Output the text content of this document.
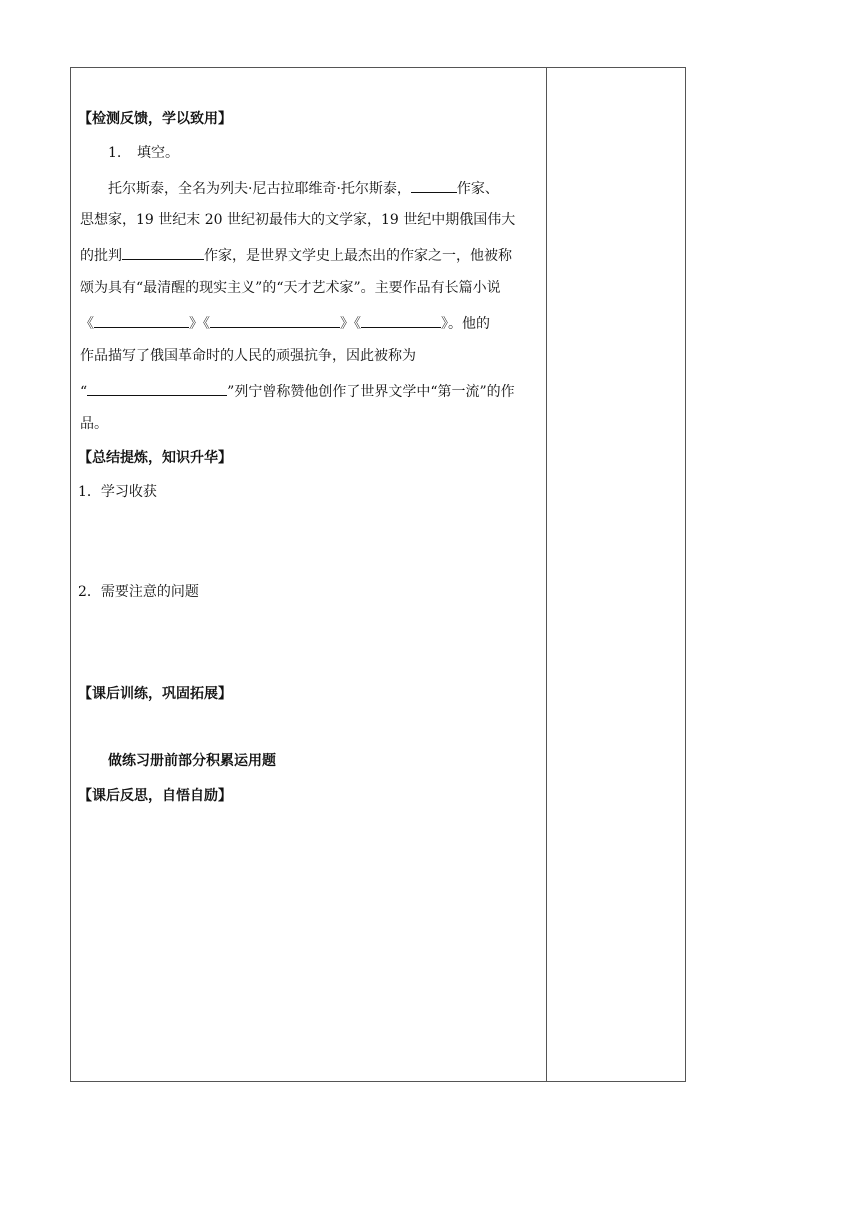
【检测反馈，学以致用】
1. 填空。
托尔斯泰，全名为列夫·尼古拉耶维奇·托尔斯泰，	作家、
思想家，19 世纪末 20 世纪初最伟大的文学家，19 世纪中期俄国伟大
的批判	作家，是世界文学史上最杰出的作家之一，他被称
颂为具有“最清醒的现实主义”的“天才艺术家”。主要作品有长篇小说
《	》《	》《	》。他的
作品描写了俄国革命时的人民的顽强抗争，因此被称为
“	”列宁曾称赞他创作了世界文学中“第一流”的作
品。
【总结提炼，知识升华】
1．学习收获
2．需要注意的问题
【课后训练，巩固拓展】
做练习册前部分积累运用题
【课后反思，自悟自励】
